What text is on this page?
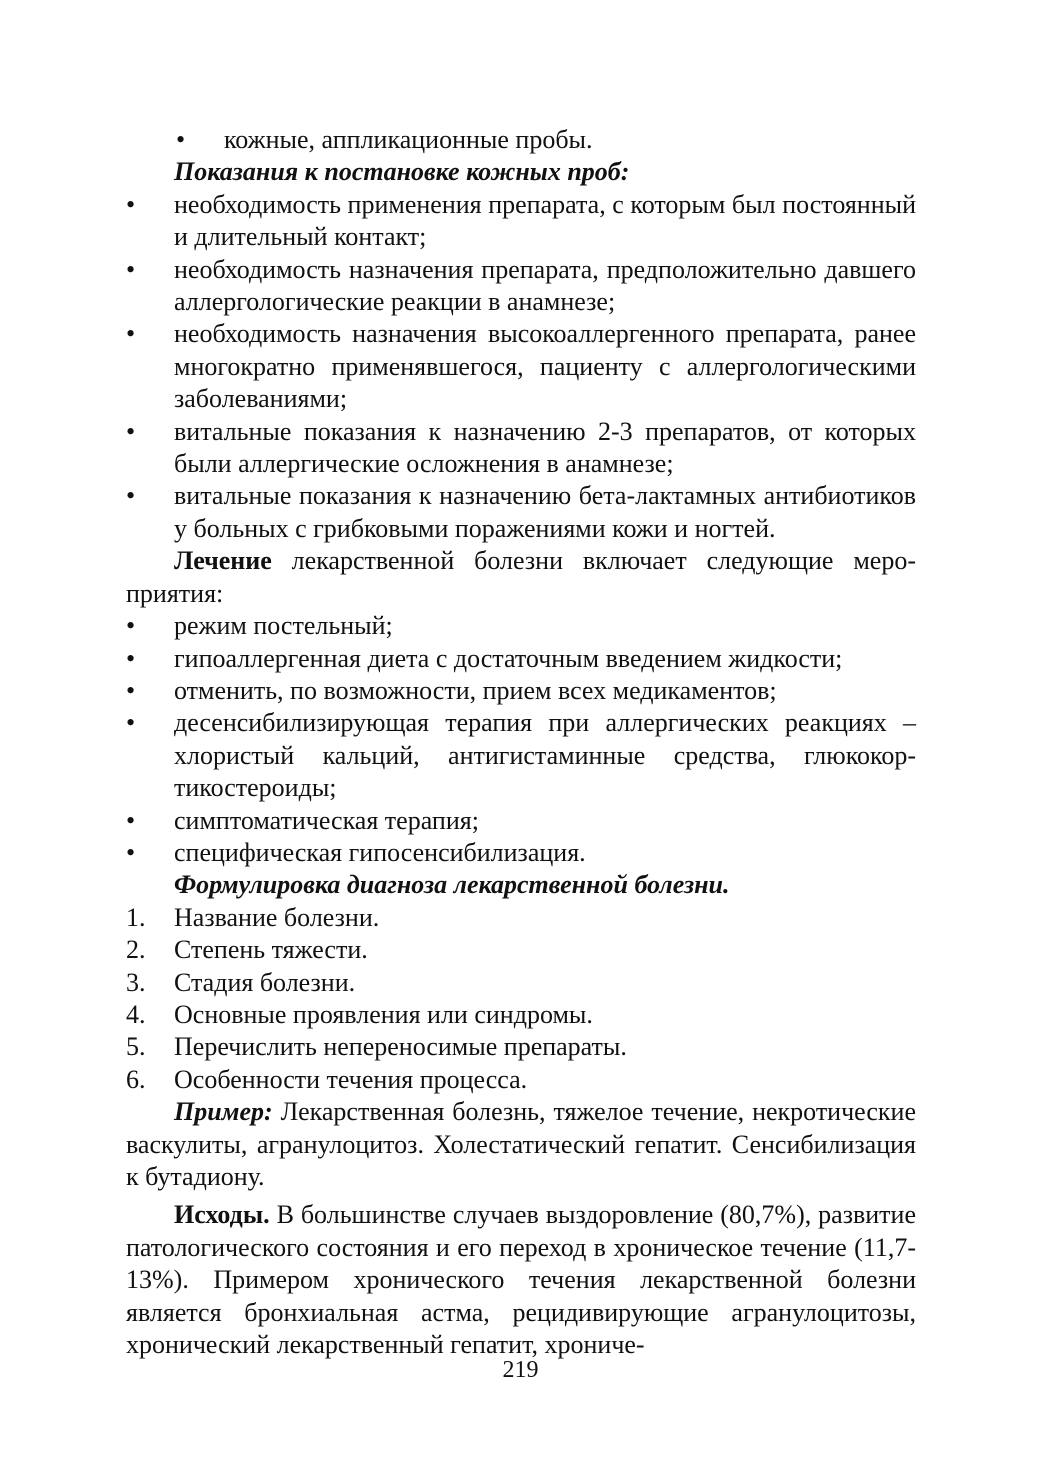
• кожные, аппликационные пробы.
Показания к постановке кожных проб:
• необходимость применения препарата, с которым был постоянный и длительный контакт;
• необходимость назначения препарата, предположительно давшего аллергологические реакции в анамнезе;
• необходимость назначения высокоаллергенного препарата, ранее многократно применявшегося, пациенту с аллергологическими заболеваниями;
• витальные показания к назначению 2-3 препаратов, от которых были аллергические осложнения в анамнезе;
• витальные показания к назначению бета-лактамных антибиотиков у больных с грибковыми поражениями кожи и ногтей.
Лечение лекарственной болезни включает следующие мероприятия:
• режим постельный;
• гипоаллергенная диета с достаточным введением жидкости;
• отменить, по возможности, прием всех медикаментов;
• десенсибилизирующая терапия при аллергических реакциях – хлористый кальций, антигистаминные средства, глюкокортикостероиды;
• симптоматическая терапия;
• специфическая гипосенсибилизация.
Формулировка диагноза лекарственной болезни.
1. Название болезни.
2. Степень тяжести.
3. Стадия болезни.
4. Основные проявления или синдромы.
5. Перечислить непереносимые препараты.
6. Особенности течения процесса.
Пример: Лекарственная болезнь, тяжелое течение, некротические васкулиты, агранулоцитоз. Холестатический гепатит. Сенсибилизация к бутадиону.
Исходы. В большинстве случаев выздоровление (80,7%), развитие патологического состояния и его переход в хроническое течение (11,7-13%). Примером хронического течения лекарственной болезни является бронхиальная астма, рецидивирующие агранулоцитозы, хронический лекарственный гепатит, хрониче-
219
